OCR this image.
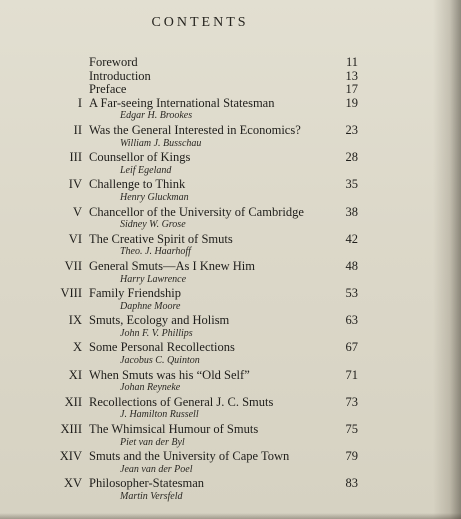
CONTENTS
Foreword	11
Introduction	13
Preface	17
I A Far-seeing International Statesman	19
Edgar H. Brookes
II Was the General Interested in Economics?	23
William J. Busschau
III Counsellor of Kings	28
Leif Egeland
IV Challenge to Think	35
Henry Gluckman
V Chancellor of the University of Cambridge	38
Sidney W. Grose
VI The Creative Spirit of Smuts	42
Theo. J. Haarhoff
VII General Smuts—As I Knew Him	48
Harry Lawrence
VIII Family Friendship	53
Daphne Moore
IX Smuts, Ecology and Holism	63
John F. V. Phillips
X Some Personal Recollections	67
Jacobus C. Quinton
XI When Smuts was his “Old Self”	71
Johan Reyneke
XII Recollections of General J. C. Smuts	73
J. Hamilton Russell
XIII The Whimsical Humour of Smuts	75
Piet van der Byl
XIV Smuts and the University of Cape Town	79
Jean van der Poel
XV Philosopher-Statesman	83
Martin Versfeld
